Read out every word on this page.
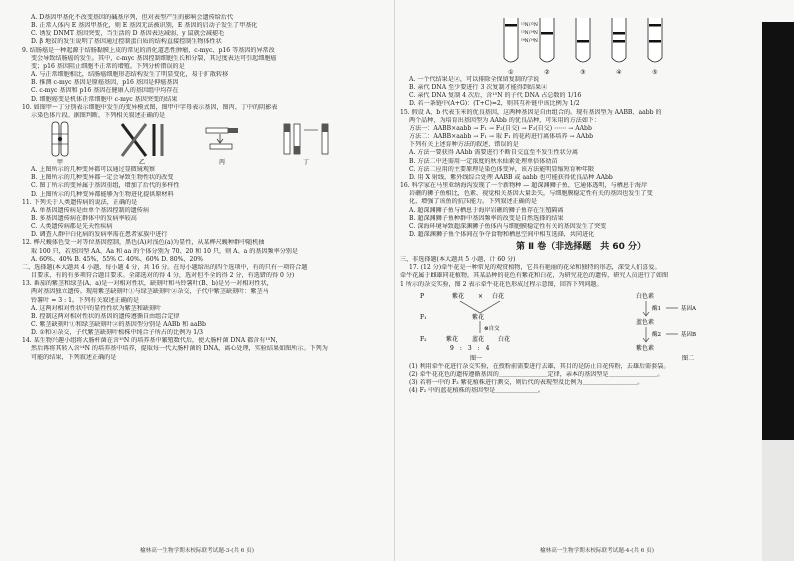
A. D基因甲基化不改变基因的碱基序列，但对表型产生的影响会遗传给后代
B. 正常人体内 E 基因甲基化，则 E 基因无法被识别，E 基因的启动子发生了甲基化
C. 诱发 DNMT 基因突变，当生活的 D 基因表达减弱，y 鼠就会减褪毛
D. β 地贫的发生说明了基因通过控制蛋白质的结构直接控制生物体性状
9. 结肠癌是一种起源于结肠黏膜上皮的常见的消化道恶性肿瘤，c-myc、p16 等基因的异常改
变会导致结肠癌的发生。其中，c-myc 基因控制细胞生长和分裂，其过度表达可引起细胞癌
变；p16 基因阻止细胞不正常的增殖。下列分析错误的是
A. 与正常细胞相比，结肠癌细胞形态结构发生了明显变化，易于扩散转移
B. 推测 c-myc 基因是原癌基因，p16 基因是抑癌基因
C. c-myc 基因和 p16 基因在健康人的基因组中均存在
D. 细胞癌变是机体正常细胞中 c-myc 基因突变的结果
10. 如图甲～丁分别表示细胞中发生的变异模式图，图甲中字母表示基因，图丙、丁中的阴影表
示染色体片段。据图判断，下列相关叙述正确的是
甲	乙	丙	丁
A. 上图所示的几种变异都可以通过显微镜观察
B. 上图所示的几种变异都一定会导致生物性状的改变
C. 图丁所示的变异属于基因重组，增加了后代的多样性
D. 上图所示的几种变异都能够为生物进化提供原材料
11. 下列关于人类遗传病的说法，正确的是
A. 单基因遗传病是由单个基因控制的遗传病
B. 多基因遗传病在群体中的发病率较高
C. 人类遗传病都是先天性疾病
D. 调查人群中白化病的发病率需在患者家族中进行
12. 桦尺蠖体色受一对等位基因控制，黑色(A)对浅色(a)为显性，从某桦尺蠖种群中随机抽
取 100 只，若基因型 AA、Aa 和 aa 的个体分别为 70、20 和 10 只，则 A、a 的基因频率分别是
A. 60%、40% B. 45%、55% C. 40%、60% D. 80%、20%
二、选择题(本大题共 4 小题，每小题 4 分，共 16 分。在每小题给出的四个选项中，有的只有一项符合题
目要求，有的有多项符合题目要求。全部选对的得 4 分，选对但不全的得 2 分，有选错的得 0 分)
13. 番茄的紫茎和绿茎(A、a)是一对相对性状，缺刻叶和马铃薯叶(B、b)是另一对相对性状，
两对基因独立遗传。现用紫茎缺刻叶①与绿茎缺刻叶②杂交，子代中紫茎缺刻叶：紫茎马
铃薯叶 = 3 : 1。下列有关叙述正确的是
A. 这两对相对性状中的显性性状为紫茎和缺刻叶
B. 控制这两对相对性状的基因的遗传遵循自由组合定律
C. 紫茎缺刻叶①和绿茎缺刻叶②的基因型分别是 AABb 和 aaBb
D. ①和②杂交，子代紫茎缺刻叶植株中纯合子所占的比例为 1/3
14. 某生物兴趣小组将大肠杆菌在含¹⁵N 的培养基中繁殖数代后，使大肠杆菌 DNA 都含有¹⁵N，
然后再将其转入含¹⁴N 的培养基中培养，提取每一代大肠杆菌的 DNA，离心处理，实验结果如图所示。下列为
可能的结果，下列叙述正确的是
榆林高一生物学期末校际联考试题-3-(共 6 页)
¹⁵N/¹⁵N
¹⁵N/¹⁴N
¹⁴N/¹⁴N
①	②	③	④	⑤
A. 一个代结果是②，可以排除全保留复制的学说
B. 亲代 DNA 至少要进行 3 次复制才能得到结果④
C. 亲代 DNA 复制 4 次后，含¹⁵N 的子代 DNA 占总数的 1/16
D. 若一条链中(A+G)：(T+C)=2，则其互补链中该比例为 1/2
15. 假设 A、b 代表玉米的优良基因，这两种基因是自由组合的。现有基因型为 AABB、aabb 的
两个品种，为培育出基因型为 AAbb 的优良品种，可采用的方法如下：
方法一：AABB×aabb → F₁ → F₂(自交) → F₃(自交) ⋯⋯ → AAbb
方法二：AABB×aabb → F₁ → 取 F₁ 的花药进行离体培养 → AAbb
下列有关上述育种方法的叙述，错误的是
A. 方法一要获得 AAbb 需要进行不断自交直至不发生性状分离
B. 方法二中还需用一定浓度的秋水仙素处理单倍体幼苗
C. 方法二应用的主要原理是染色体变异，该方法能明显缩短育种年限
D. 用 X 射线、紫外线综合处理 AABB 或 aabb 也可能获得优良品种 AAbb
16. 科学家在马里亚纳海沟发现了一个新物种 — 超深渊狮子鱼，它通体透明，与栖息于海岸
岩礁的狮子鱼相比，色素、视觉相关基因大量丢失，与细胞膜稳定性有关的基因也发生了变
化，增强了该鱼的抗压能力。下列叙述正确的是
A. 超深渊狮子鱼与栖息于海岸岩礁的狮子鱼存在生殖隔离
B. 超深渊狮子鱼种群中基因频率的改变是自然选择的结果
C. 深海环境导致超深渊狮子鱼体内与细胞膜稳定性有关的基因发生了突变
D. 超深渊狮子鱼个体间在争夺食物和栖息空间中相互选择，共同进化
第 Ⅱ 卷（非选择题　共 60 分）
三、非选择题(本大题共 5 小题，计 60 分)
17. (12 分)牵牛花是一种常见的观赏植物，它具有艳丽的花朵和独特的形态，深受人们喜爱。
牵牛花属于雌雄同花植物，其某品种的花色有紫花和白花，为研究花色的遗传，研究人员进行了如图
1 所示的杂交实验，图 2 表示牵牛花花色形成过程示意图，回答下列问题。
P	紫花 × 白花
F₁	紫花
⊗自交
F₂	紫花 蓝花 白花
9　:　3　:　4
图一
白色素
酶1	基因A
蓝色素
酶2	基因B
紫色素
图二
(1) 利用牵牛花进行杂交实验，在授粉前需要进行去雄，其目的是防止自花传粉，去雄后需套袋。
(2) 牵牛花花色的遗传遵循基因的＿＿＿＿＿＿＿＿定律，亲本的基因型是＿＿＿＿＿＿＿＿。
(3) 若将一中的 F₂ 紫花植株进行测交，则后代的表现型及比例为＿＿＿＿＿＿＿＿＿。
(4) F₂ 中的蓝花植株的基因型是＿＿＿＿＿＿＿。
榆林高一生物学期末校际联考试题-4-(共 6 页)
